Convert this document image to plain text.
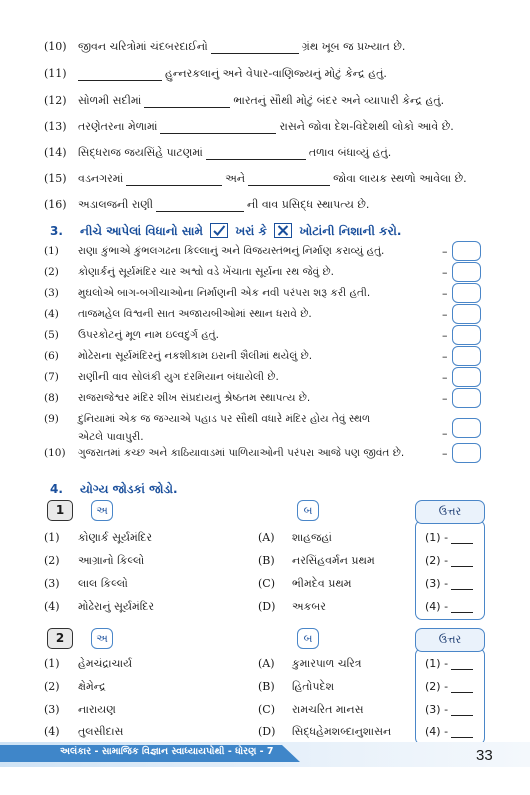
(10) જીવન ચરિત્રોમાં ચંદબરદાઈનો	ગ્રંથ ખૂબ જ પ્રખ્યાત છે.
(11)	હુન્નરકલાનું અને વેપાર-વાણિજ્યનું મોટું કેન્દ્ર હતું.
(12) સોળમી સદીમાં	ભારતનું સૌથી મોટું બંદર અને વ્યાપારી કેન્દ્ર હતું.
(13) તરણેતરના મેળામાં	રાસને જોવા દેશ-વિદેશથી લોકો આવે છે.
(14) સિદ્ધરાજ જયસિંહે પાટણમાં	તળાવ બંધાવ્યું હતું.
(15) વડનગરમાં	અને	જોવા લાયક સ્થળો આવેલા છે.
(16) અડાલજની રાણી	ની વાવ પ્રસિદ્ધ સ્થાપત્ય છે.
3. નીચે આપેલાં વિધાનો સામે	ખરાં કે	ખોટાંની નિશાની કરો.
(1) રાણા કુંભાએ કુંભલગઢના કિલ્લાનું અને વિજયસ્તંભનું નિર્માણ કરાવ્યું હતું.	–
(2) કોણાર્કનું સૂર્યમંદિર ચાર અશ્વો વડે ખેંચાતા સૂર્યના રથ જેવું છે.	–
(3) મુઘલોએ બાગ-બગીચાઓના નિર્માણની એક નવી પરંપરા શરૂ કરી હતી.	–
(4) તાજમહેલ વિશ્વની સાત અજાયબીઓમાં સ્થાન ધરાવે છે.	–
(5) ઉપરકોટનું મૂળ નામ ઇલ્વદુર્ગ હતું.	–
(6) મોઢેરાના સૂર્યમંદિરનું નકશીકામ ઇરાની શૈલીમાં થયેલું છે.	–
(7) રાણીની વાવ સોલંકી યુગ દરમિયાન બંધાયેલી છે.	–
(8) રાજરાજેશ્વર મંદિર શીખ સંપ્રદાયનું શ્રેષ્ઠતમ સ્થાપત્ય છે.	–
(9) દુનિયામાં એક જ જગ્યાએ પહાડ પર સૌથી વધારે મંદિર હોય તેવું સ્થળ
એટલે પાવાપુરી.	–
(10) ગુજરાતમાં કચ્છ અને કાઠિયાવાડમાં પાળિયાઓની પરંપરા આજે પણ જીવંત છે.	–
4. યોગ્ય જોડકાં જોડો.
1	અ	બ	ઉત્તર
(1) કોણાર્ક સૂર્યમંદિર	(A) શાહજહાં	(1) -
(2) આગ્રાનો કિલ્લો	(B) નરસિંહવર્મન પ્રથમ	(2) -
(3) લાલ કિલ્લો	(C) ભીમદેવ પ્રથમ	(3) -
(4) મોઢેરાનું સૂર્યમંદિર	(D) અકબર	(4) -
2	અ	બ	ઉત્તર
(1) હેમચંદ્રાચાર્ય	(A) કુમારપાળ ચરિત્ર	(1) -
(2) ક્ષેમેન્દ્ર	(B) હિતોપદેશ	(2) -
(3) નારાયણ	(C) રામચરિત માનસ	(3) -
(4) તુલસીદાસ	(D) સિદ્ધહેમશબ્દાનુશાસન	(4) -
અલંકાર - સામાજિક વિજ્ઞાન સ્વાધ્યાયપોથી - ધોરણ - 7	33
